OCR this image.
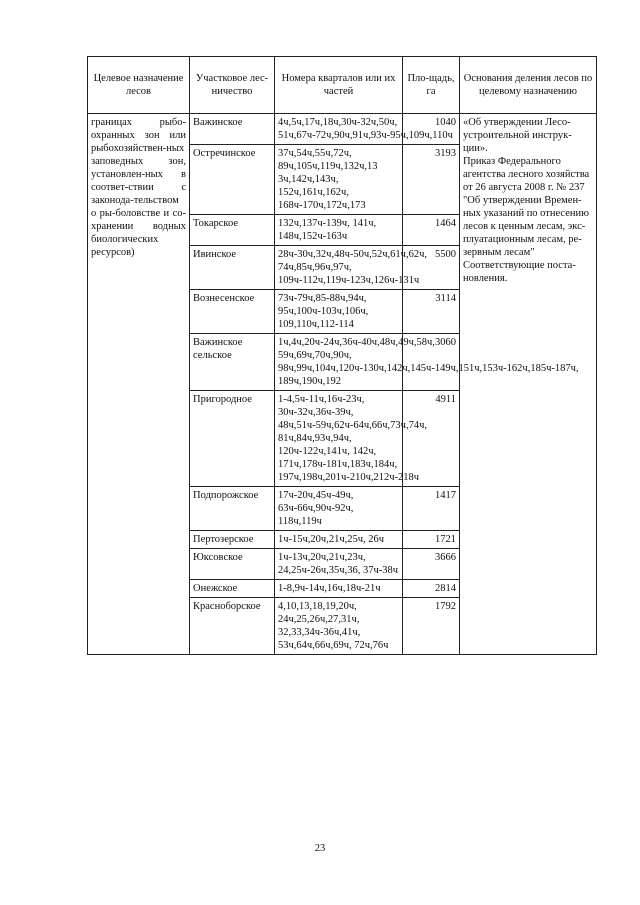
Целевое назначение лесов	Участковое лес-ничество	Номера кварталов или их частей	Пло-щадь, га	Основания деления лесов по целевому назначению
границах рыбо-охранных зон или рыбохозяйствен-ных заповедных зон, установлен-ных в соответ-ствии с законода-тельством о ры-боловстве и со-хранении водных биологических ресурсов)	Важинское	4ч,5ч,17ч,18ч,30ч-32ч,50ч, 51ч,67ч-72ч,90ч,91ч,93ч-95ч,109ч,110ч	1040	«Об утверждении Лесо-устроительной инструк-ции».
Приказ Федерального агентства лесного хозяйства от 26 августа 2008 г. № 237 "Об утверждении Времен-ных указаний по отнесению лесов к ценным лесам, экс-плуатационным лесам, ре-зервным лесам"
Соответствующие поста-новления.

	Остречинское	37ч,54ч,55ч,72ч, 89ч,105ч,119ч,132ч,13 3ч,142ч,143ч, 152ч,161ч,162ч, 168ч-170ч,172ч,173	3193	
	Токарское	132ч,137ч-139ч, 141ч, 148ч,152ч-163ч	1464	
	Ивинское	28ч-30ч,32ч,48ч-50ч,52ч,61ч,62ч, 74ч,85ч,96ч,97ч, 109ч-112ч,119ч-123ч,126ч-131ч	5500	
	Вознесенское	73ч-79ч,85-88ч,94ч, 95ч,100ч-103ч,106ч, 109,110ч,112-114	3114	
	Важинское сельское	1ч,4ч,20ч-24ч,36ч-40ч,48ч,49ч,58ч, 59ч,69ч,70ч,90ч, 98ч,99ч,104ч,120ч-130ч,142ч,145ч-149ч,151ч,153ч-162ч,185ч-187ч, 189ч,190ч,192	3060	
	Пригородное	1-4,5ч-11ч,16ч-23ч, 30ч-32ч,36ч-39ч, 48ч,51ч-59ч,62ч-64ч,66ч,73ч,74ч, 81ч,84ч,93ч,94ч, 120ч-122ч,141ч, 142ч, 171ч,178ч-181ч,183ч,184ч, 197ч,198ч,201ч-210ч,212ч-218ч	4911	
	Подпорожское	17ч-20ч,45ч-49ч, 63ч-66ч,90ч-92ч, 118ч,119ч	1417	
	Пертозерское	1ч-15ч,20ч,21ч,25ч, 26ч	1721	
	Юксовское	1ч-13ч,20ч,21ч,23ч, 24,25ч-26ч,35ч,36, 37ч-38ч	3666	
	Онежское	1-8,9ч-14ч,16ч,18ч-21ч	2814	
	Красноборское	4,10,13,18,19,20ч, 24ч,25,26ч,27,31ч, 32,33,34ч-36ч,41ч, 53ч,64ч,66ч,69ч, 72ч,76ч	1792	
23
